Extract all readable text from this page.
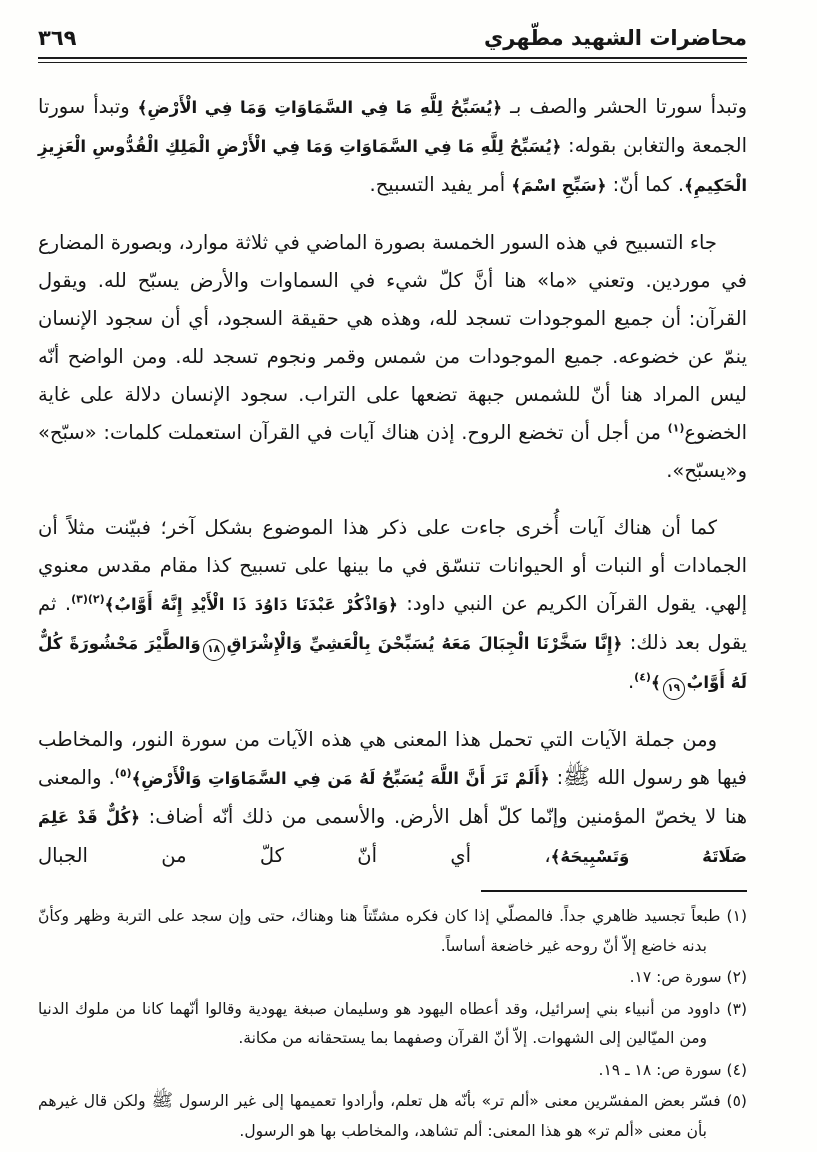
٣٦٩	محاضرات الشهيد مطّهري

وتبدأ سورتا الحشر والصف بـ ﴿يُسَبِّحُ لِلَّهِ مَا فِي السَّمَاوَاتِ وَمَا فِي الْأَرْضِ﴾ وتبدأ سورتا الجمعة والتغابن بقوله: ﴿يُسَبِّحُ لِلَّهِ مَا فِي السَّمَاوَاتِ وَمَا فِي الْأَرْضِ الْمَلِكِ الْقُدُّوسِ الْعَزِيزِ الْحَكِيمِ﴾. كما أنّ: ﴿سَبِّحِ اسْمَ﴾ أمر يفيد التسبيح.

جاء التسبيح في هذه السور الخمسة بصورة الماضي في ثلاثة موارد، وبصورة المضارع في موردين. وتعني «ما» هنا أنَّ كلّ شيء في السماوات والأرض يسبّح لله. ويقول القرآن: أن جميع الموجودات تسجد لله، وهذه هي حقيقة السجود، أي أن سجود الإنسان ينمّ عن خضوعه. جميع الموجودات من شمس وقمر ونجوم تسجد لله. ومن الواضح أنّه ليس المراد هنا أنّ للشمس جبهة تضعها على التراب. سجود الإنسان دلالة على غاية الخضوع$^{(١)}$ من أجل أن تخضع الروح. إذن هناك آيات في القرآن استعملت كلمات: «سبّح» و«يسبّح».

كما أن هناك آيات أُخرى جاءت على ذكر هذا الموضوع بشكل آخر؛ فبيّنت مثلاً أن الجمادات أو النبات أو الحيوانات تنسّق في ما بينها على تسبيح كذا مقام مقدس معنوي إلهي. يقول القرآن الكريم عن النبي داود: ﴿وَاذْكُرْ عَبْدَنَا دَاوُدَ ذَا الْأَيْدِ إِنَّهُ أَوَّابٌ﴾$^{(٢)(٣)}$. ثم يقول بعد ذلك: ﴿إِنَّا سَخَّرْنَا الْجِبَالَ مَعَهُ يُسَبِّحْنَ بِالْعَشِيِّ وَالْإِشْرَاقِ١٨وَالطَّيْرَ مَحْشُورَةً كُلٌّ لَهُ أَوَّابٌ١٩﴾$^{(٤)}$.

ومن جملة الآيات التي تحمل هذا المعنى هي هذه الآيات من سورة النور، والمخاطب فيها هو رسول الله ﷺ: ﴿أَلَمْ تَرَ أَنَّ اللَّهَ يُسَبِّحُ لَهُ مَن فِي السَّمَاوَاتِ وَالْأَرْضِ﴾$^{(٥)}$. والمعنى هنا لا يخصّ المؤمنين وإنّما كلّ أهل الأرض. والأسمى من ذلك أنّه أضاف: ﴿كُلٌّ قَدْ عَلِمَ صَلَاتَهُ وَتَسْبِيحَهُ﴾، أي أنّ كلّ من الجبال

(١) طبعاً تجسيد ظاهري جداً. فالمصلّي إذا كان فكره مشتّتاً هنا وهناك، حتى وإن سجد على التربة وظهر وكأنّ بدنه خاضع إلاّ أنّ روحه غير خاضعة أساساً.
(٢) سورة ص: ١٧.
(٣) داوود من أنبياء بني إسرائيل، وقد أعطاه اليهود هو وسليمان صبغة يهودية وقالوا أنّهما كانا من ملوك الدنيا ومن الميّالين إلى الشهوات. إلاّ أنّ القرآن وصفهما بما يستحقانه من مكانة.
(٤) سورة ص: ١٨ ـ ١٩.
(٥) فسّر بعض المفسّرين معنى «ألم تر» بأنّه هل تعلم، وأرادوا تعميمها إلى غير الرسول ﷺ ولكن قال غيرهم بأن معنى «ألم تر» هو هذا المعنى: ألم تشاهد، والمخاطب بها هو الرسول.
